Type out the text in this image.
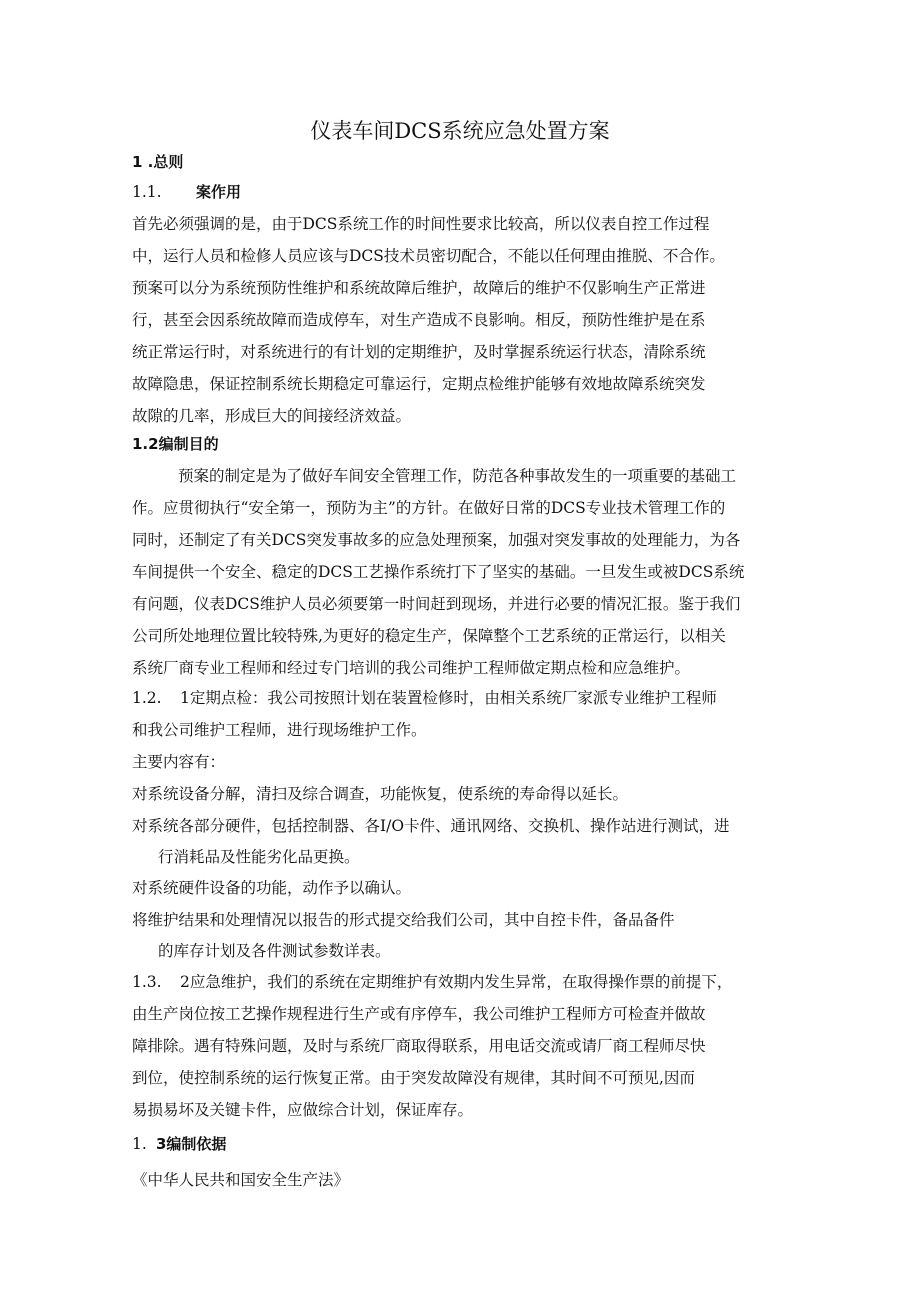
仪表车间DCS系统应急处置方案
1 .总则
1.1. 案作用
首先必须强调的是，由于DCS系统工作的时间性要求比较高，所以仪表自控工作过程
中，运行人员和检修人员应该与DCS技术员密切配合，不能以任何理由推脱、不合作。
预案可以分为系统预防性维护和系统故障后维护，故障后的维护不仅影响生产正常进
行，甚至会因系统故障而造成停车，对生产造成不良影响。相反，预防性维护是在系
统正常运行时，对系统进行的有计划的定期维护，及时掌握系统运行状态，清除系统
故障隐患，保证控制系统长期稳定可靠运行，定期点检维护能够有效地故障系统突发
故隙的几率，形成巨大的间接经济效益。
1.2编制目的
预案的制定是为了做好车间安全管理工作，防范各种事故发生的一项重要的基础工
作。应贯彻执行“安全第一，预防为主”的方针。在做好日常的DCS专业技术管理工作的
同时，还制定了有关DCS突发事故多的应急处理预案，加强对突发事故的处理能力，为各
车间提供一个安全、稳定的DCS工艺操作系统打下了坚实的基础。一旦发生或被DCS系统
有问题，仪表DCS维护人员必须要第一时间赶到现场，并进行必要的情况汇报。鉴于我们
公司所处地理位置比较特殊,为更好的稳定生产，保障整个工艺系统的正常运行，以相关
系统厂商专业工程师和经过专门培训的我公司维护工程师做定期点检和应急维护。
1.2. 1定期点检：我公司按照计划在装置检修时，由相关系统厂家派专业维护工程师
和我公司维护工程师，进行现场维护工作。
主要内容有：
对系统设备分解，清扫及综合调查，功能恢复，使系统的寿命得以延长。
对系统各部分硬件，包括控制器、各I/O卡件、通讯网络、交换机、操作站进行测试，进
行消耗品及性能劣化品更换。
对系统硬件设备的功能，动作予以确认。
将维护结果和处理情况以报告的形式提交给我们公司，其中自控卡件，备品备件
的库存计划及各件测试参数详表。
1.3. 2应急维护，我们的系统在定期维护有效期内发生异常，在取得操作票的前提下，
由生产岗位按工艺操作规程进行生产或有序停车，我公司维护工程师方可检查并做故
障排除。遇有特殊问题，及时与系统厂商取得联系，用电话交流或请厂商工程师尽快
到位，使控制系统的运行恢复正常。由于突发故障没有规律，其时间不可预见,因而
易损易坏及关键卡件，应做综合计划，保证库存。
1. 3编制依据
《中华人民共和国安全生产法》
